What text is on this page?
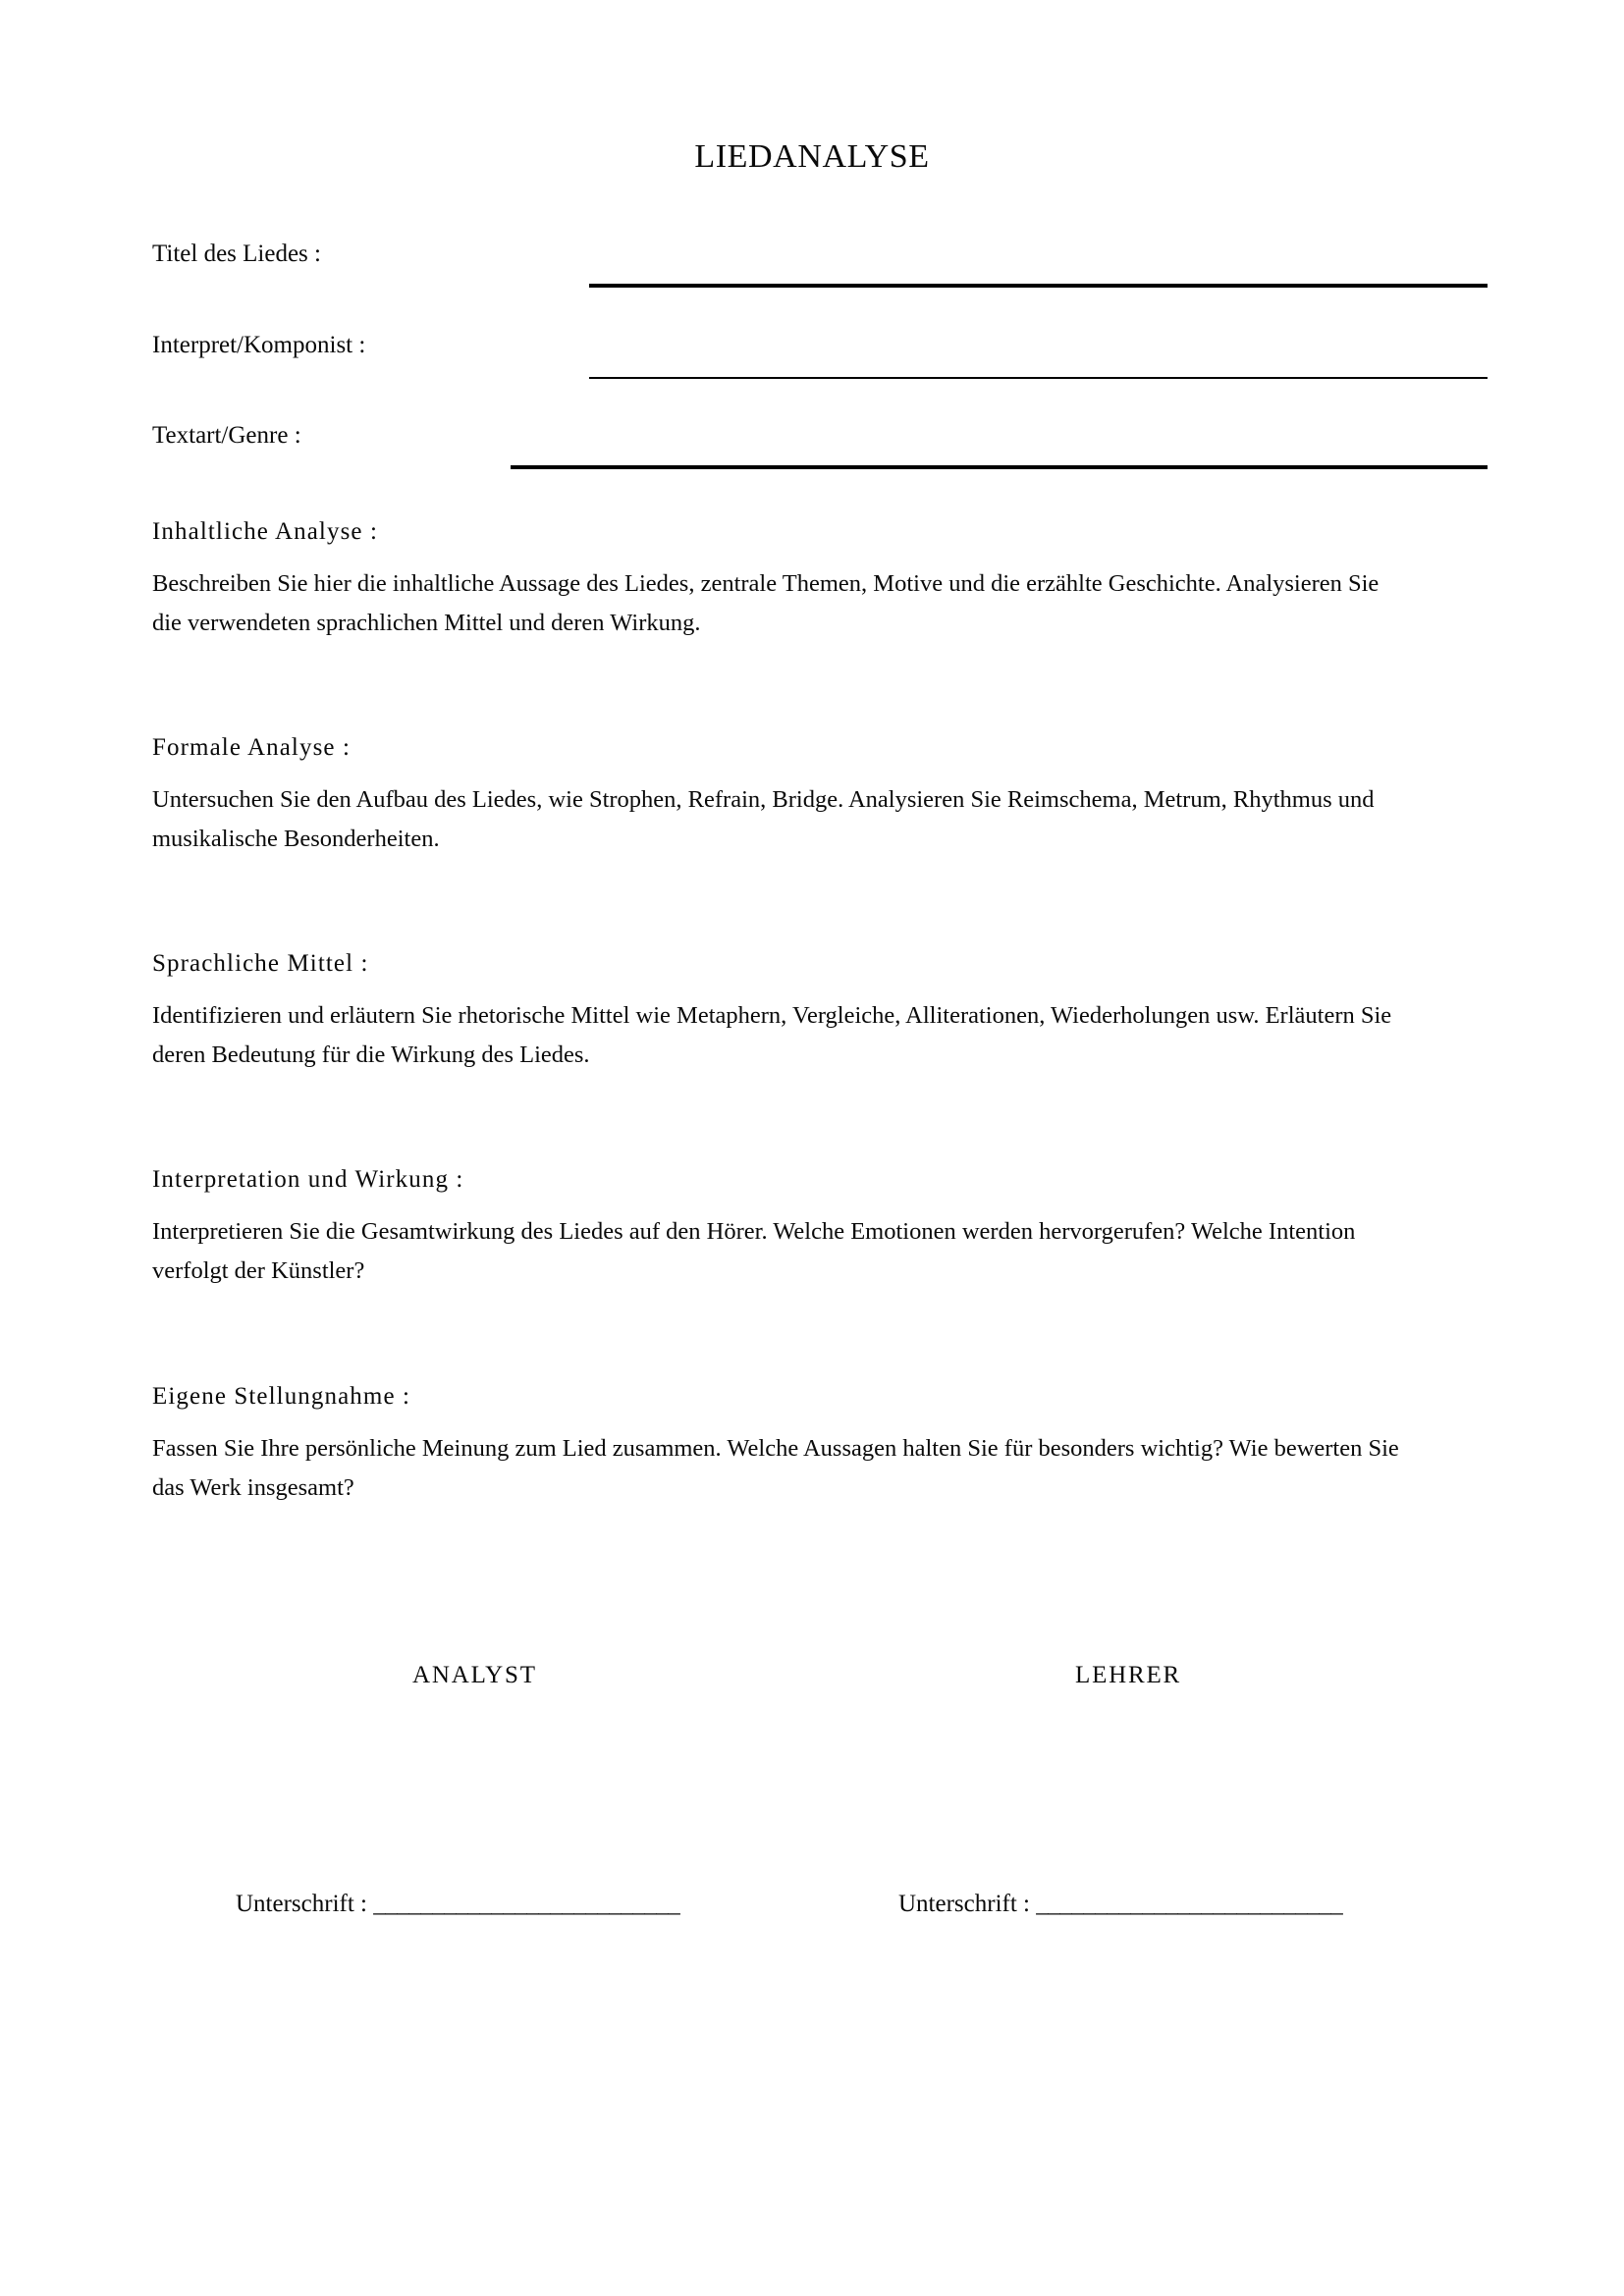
LIEDANALYSE
Titel des Liedes :
Interpret/Komponist :
Textart/Genre :
Inhaltliche Analyse :

Beschreiben Sie hier die inhaltliche Aussage des Liedes, zentrale Themen, Motive und die erzählte Geschichte. Analysieren Sie die verwendeten sprachlichen Mittel und deren Wirkung.

Formale Analyse :

Untersuchen Sie den Aufbau des Liedes, wie Strophen, Refrain, Bridge. Analysieren Sie Reimschema, Metrum, Rhythmus und musikalische Besonderheiten.

Sprachliche Mittel :

Identifizieren und erläutern Sie rhetorische Mittel wie Metaphern, Vergleiche, Alliterationen, Wiederholungen usw. Erläutern Sie deren Bedeutung für die Wirkung des Liedes.

Interpretation und Wirkung :

Interpretieren Sie die Gesamtwirkung des Liedes auf den Hörer. Welche Emotionen werden hervorgerufen? Welche Intention verfolgt der Künstler?

Eigene Stellungnahme :

Fassen Sie Ihre persönliche Meinung zum Lied zusammen. Welche Aussagen halten Sie für besonders wichtig? Wie bewerten Sie das Werk insgesamt?

ANALYST	LEHRER
Unterschrift : __________________________	Unterschrift : __________________________
